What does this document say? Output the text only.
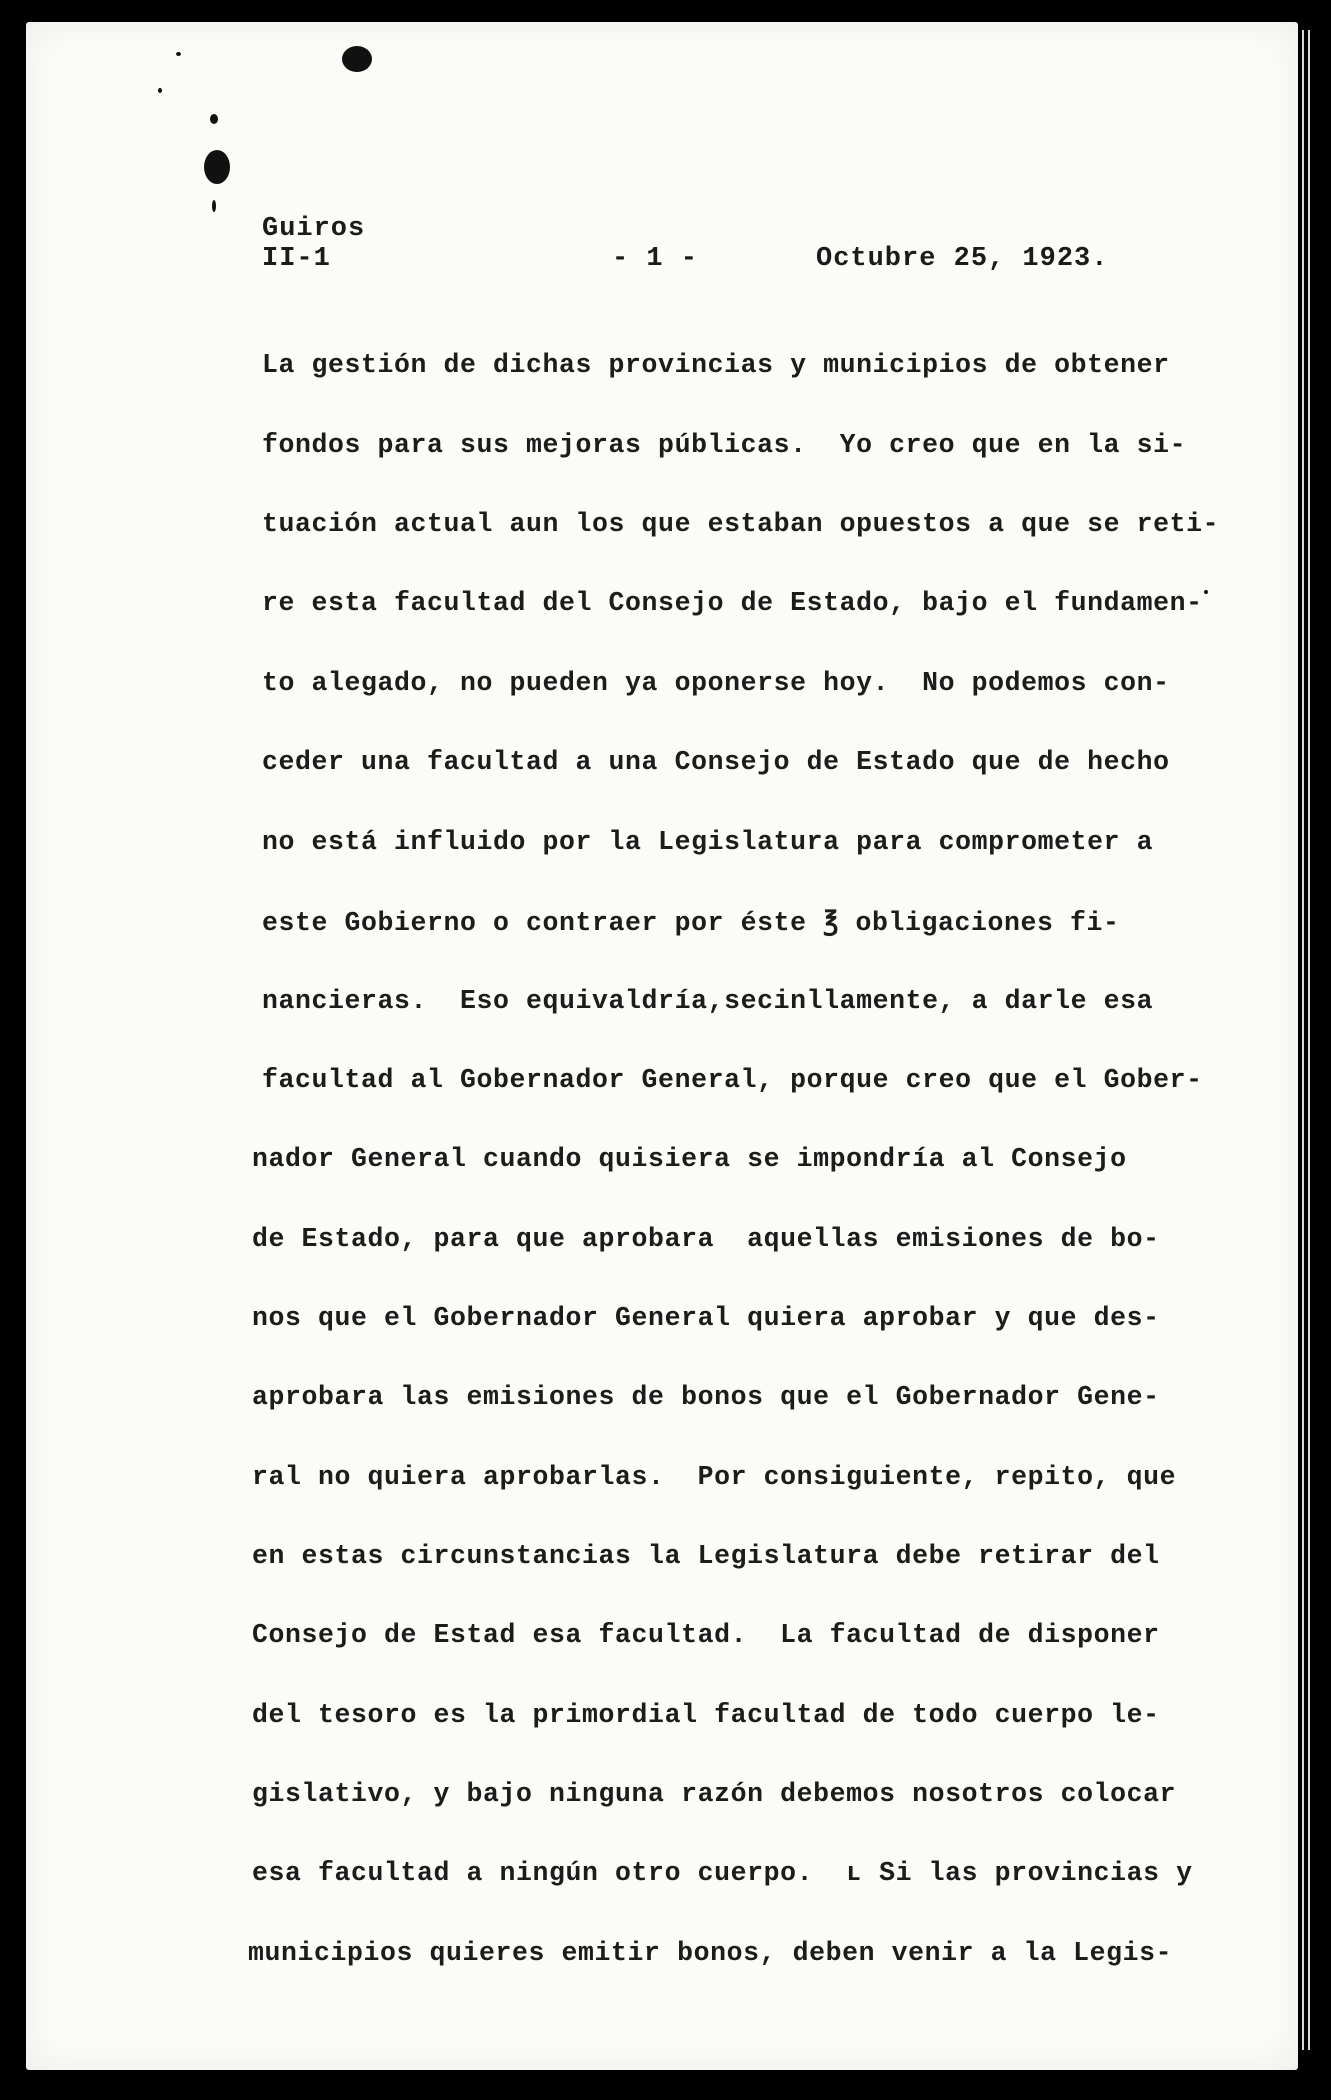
Guiros
II-1	- 1 -	Octubre 25, 1923.
La gestión de dichas provincias y municipios de obtener
fondos para sus mejoras públicas.  Yo creo que en la si-
tuación actual aun los que estaban opuestos a que se reti-
re esta facultad del Consejo de Estado, bajo el fundamen-
to alegado, no pueden ya oponerse hoy.  No podemos con-
ceder una facultad a una Consejo de Estado que de hecho
no está influido por la Legislatura para comprometer a
este Gobierno o contraer por éste ℥ obligaciones fi-
nancieras.  Eso equivaldría,secinllamente, a darle esa
facultad al Gobernador General, porque creo que el Gober-
nador General cuando quisiera se impondría al Consejo
de Estado, para que aprobara  aquellas emisiones de bo-
nos que el Gobernador General quiera aprobar y que des-
aprobara las emisiones de bonos que el Gobernador Gene-
ral no quiera aprobarlas.  Por consiguiente, repito, que
en estas circunstancias la Legislatura debe retirar del
Consejo de Estad esa facultad.  La facultad de disponer
del tesoro es la primordial facultad de todo cuerpo le-
gislativo, y bajo ninguna razón debemos nosotros colocar
esa facultad a ningún otro cuerpo.  ʟ Si las provincias y
municipios quieres emitir bonos, deben venir a la Legis-
